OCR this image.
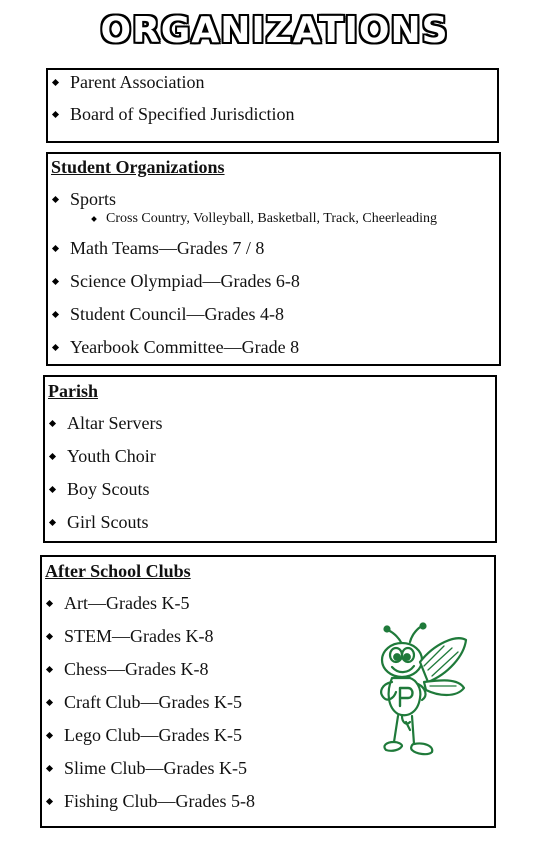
ORGANIZATIONS
Parent Association
Board of Specified Jurisdiction
Student Organizations
Sports
Cross Country, Volleyball, Basketball, Track, Cheerleading
Math Teams—Grades 7 / 8
Science Olympiad—Grades 6-8
Student Council—Grades 4-8
Yearbook Committee—Grade 8
Parish
Altar Servers
Youth Choir
Boy Scouts
Girl Scouts
After School Clubs
Art—Grades K-5
STEM—Grades K-8
Chess—Grades K-8
Craft Club—Grades K-5
Lego Club—Grades K-5
Slime Club—Grades K-5
Fishing Club—Grades 5-8
